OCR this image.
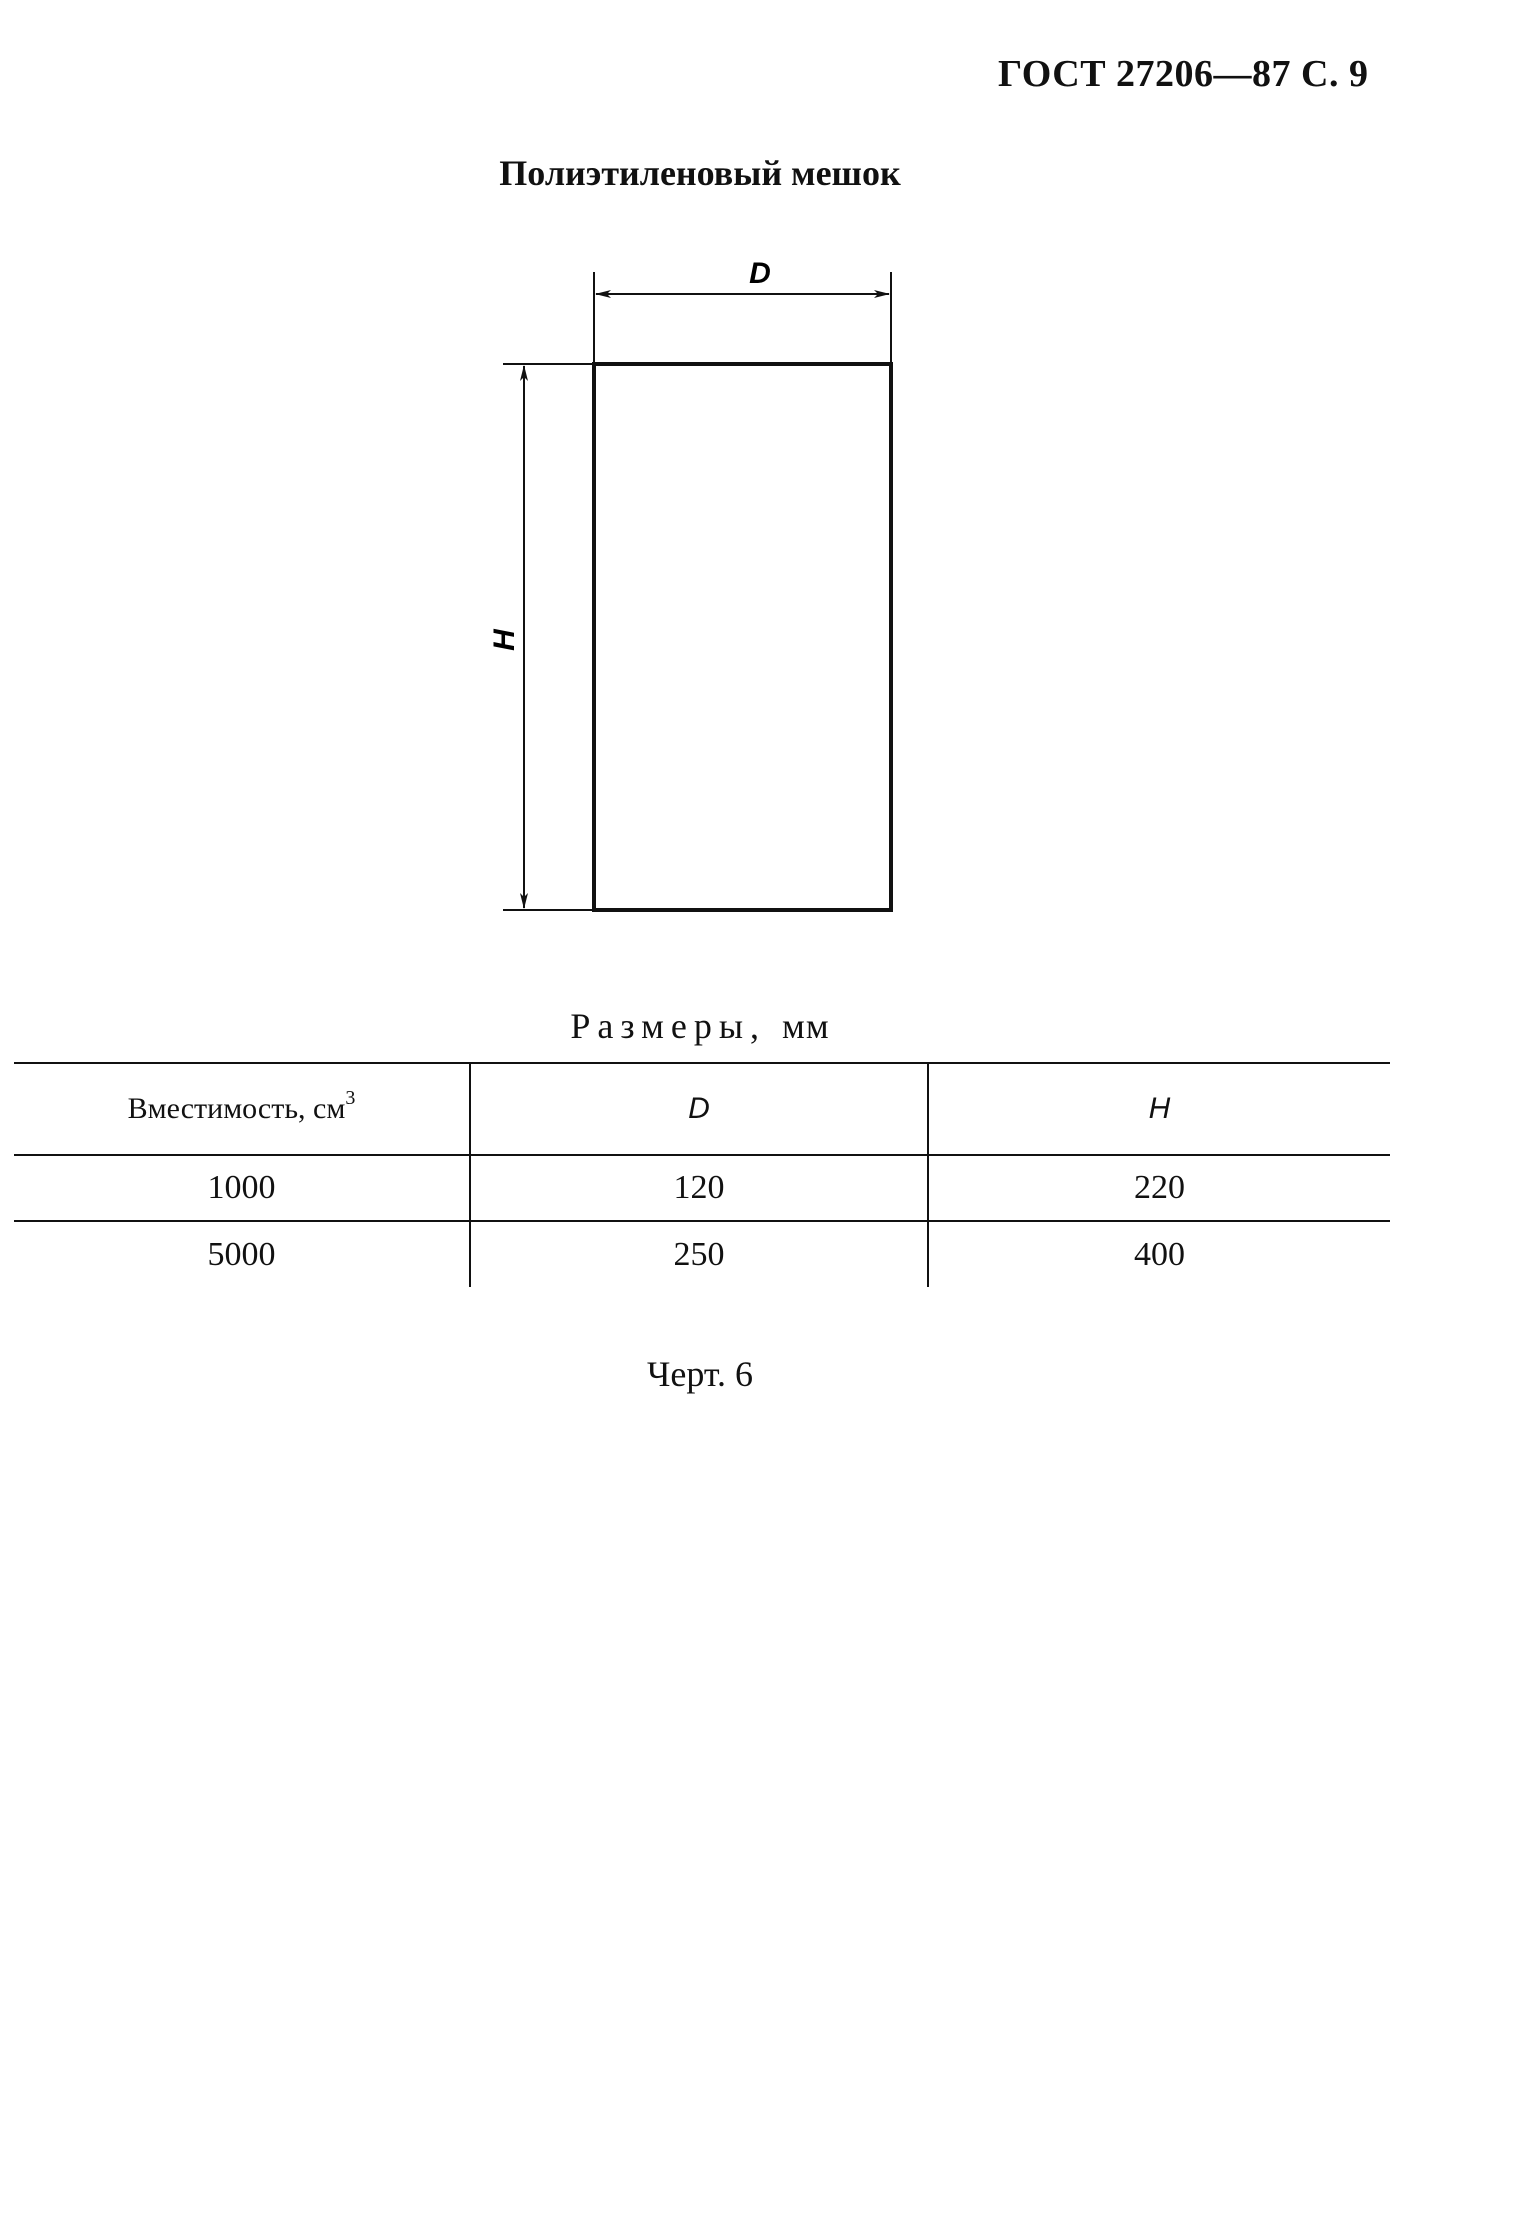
ГОСТ 27206—87 С. 9
Полиэтиленовый мешок
D
H
Размеры, мм
Вместимость, $см^3$	D	H
1000	120	220
5000	250	400
Черт. 6
